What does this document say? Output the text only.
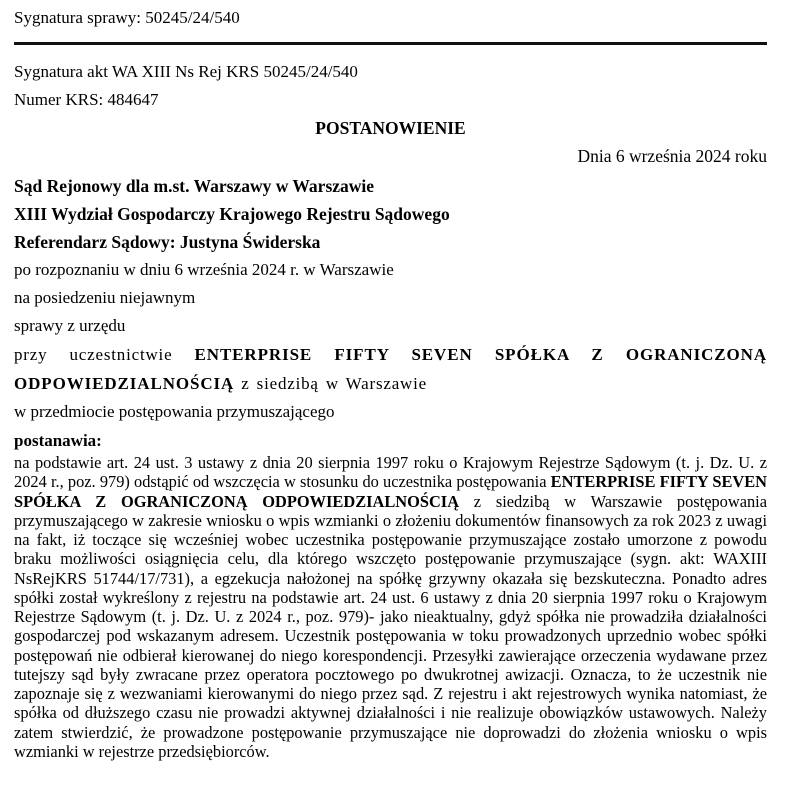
Sygnatura sprawy: 50245/24/540
Sygnatura akt WA XIII Ns Rej KRS 50245/24/540
Numer KRS: 484647
POSTANOWIENIE
Dnia 6 września 2024 roku
Sąd Rejonowy dla m.st. Warszawy w Warszawie
XIII Wydział Gospodarczy Krajowego Rejestru Sądowego
Referendarz Sądowy: Justyna Świderska
po rozpoznaniu w dniu 6 września 2024 r. w Warszawie
na posiedzeniu niejawnym
sprawy z urzędu

przy uczestnictwie ENTERPRISE FIFTY SEVEN SPÓŁKA Z OGRANICZONĄ ODPOWIEDZIALNOŚCIĄ z siedzibą w Warszawie

w przedmiocie postępowania przymuszającego
postanawia:

na podstawie art. 24 ust. 3 ustawy z dnia 20 sierpnia 1997 roku o Krajowym Rejestrze Sądowym (t. j. Dz. U. z 2024 r., poz. 979) odstąpić od wszczęcia w stosunku do uczestnika postępowania ENTERPRISE FIFTY SEVEN SPÓŁKA Z OGRANICZONĄ ODPOWIEDZIALNOŚCIĄ z siedzibą w Warszawie postępowania przymuszającego w zakresie wniosku o wpis wzmianki o złożeniu dokumentów finansowych za rok 2023 z uwagi na fakt, iż toczące się wcześniej wobec uczestnika postępowanie przymuszające zostało umorzone z powodu braku możliwości osiągnięcia celu, dla którego wszczęto postępowanie przymuszające (sygn. akt: WAXIII NsRejKRS 51744/17/731), a egzekucja nałożonej na spółkę grzywny okazała się bezskuteczna. Ponadto adres spółki został wykreślony z rejestru na podstawie art. 24 ust. 6 ustawy z dnia 20 sierpnia 1997 roku o Krajowym Rejestrze Sądowym (t. j. Dz. U. z 2024 r., poz. 979)- jako nieaktualny, gdyż spółka nie prowadziła działalności gospodarczej pod wskazanym adresem. Uczestnik postępowania w toku prowadzonych uprzednio wobec spółki postępowań nie odbierał kierowanej do niego korespondencji. Przesyłki zawierające orzeczenia wydawane przez tutejszy sąd były zwracane przez operatora pocztowego po dwukrotnej awizacji. Oznacza, to że uczestnik nie zapoznaje się z wezwaniami kierowanymi do niego przez sąd. Z rejestru i akt rejestrowych wynika natomiast, że spółka od dłuższego czasu nie prowadzi aktywnej działalności i nie realizuje obowiązków ustawowych. Należy zatem stwierdzić, że prowadzone postępowanie przymuszające nie doprowadzi do złożenia wniosku o wpis wzmianki w rejestrze przedsiębiorców.
